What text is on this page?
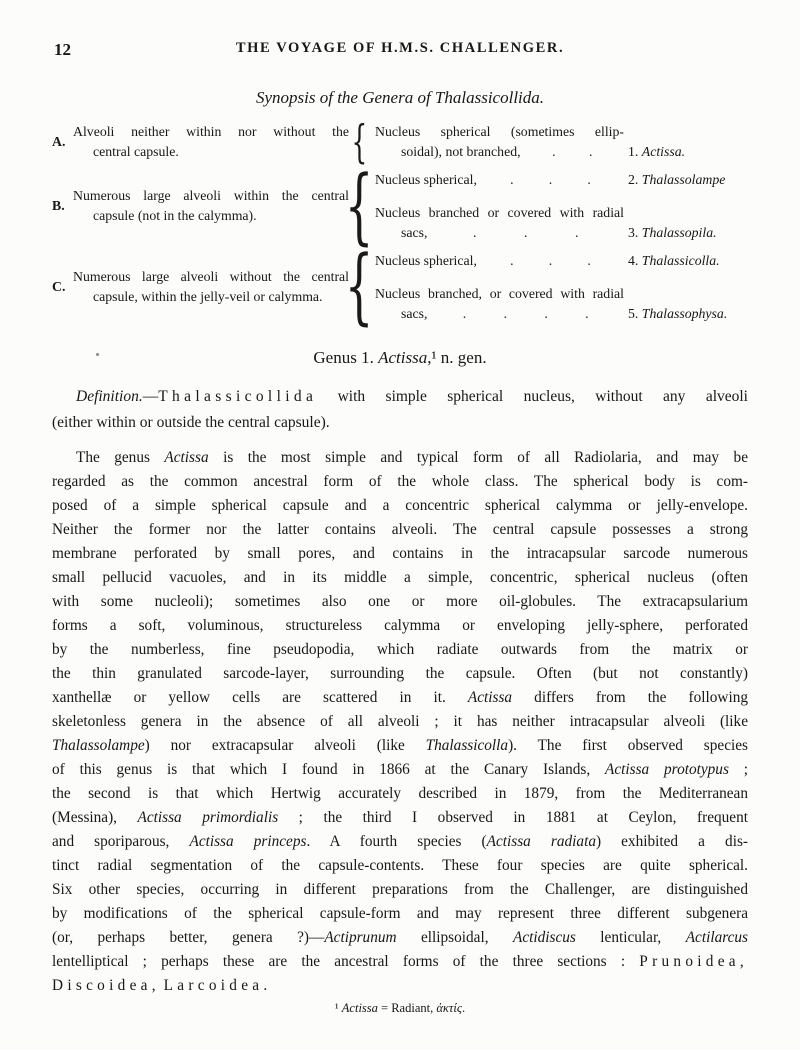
12	THE VOYAGE OF H.M.S. CHALLENGER.
Synopsis of the Genera of Thalassicollida.
A.
Alveoli neither within nor without the
central capsule.	{ Nucleus spherical (sometimes ellip-
soidal), not branched, . .	1. Actissa.
B.
Numerous large alveoli within the central
capsule (not in the calymma).	{ Nucleus spherical, .	.	.	2. Thalassolampe
Nucleus branched or covered with radial
sacs,	.	.	.	3. Thalassopila.
C.
Numerous large alveoli without the central
capsule, within the jelly-veil or calymma. { Nucleus spherical, .	.	.	4. Thalassicolla.
Nucleus branched, or covered with radial
sacs,	.	.	.	.	5. Thalassophysa.
Genus 1. Actissa,¹ n. gen.
Definition.—Thalassicollida with simple spherical nucleus, without any alveoli
(either within or outside the central capsule).
The genus Actissa is the most simple and typical form of all Radiolaria, and may be
regarded as the common ancestral form of the whole class. The spherical body is com-
posed of a simple spherical capsule and a concentric spherical calymma or jelly-envelope.
Neither the former nor the latter contains alveoli. The central capsule possesses a strong
membrane perforated by small pores, and contains in the intracapsular sarcode numerous
small pellucid vacuoles, and in its middle a simple, concentric, spherical nucleus (often
with some nucleoli); sometimes also one or more oil-globules. The extracapsularium
forms a soft, voluminous, structureless calymma or enveloping jelly-sphere, perforated
by the numberless, fine pseudopodia, which radiate outwards from the matrix or
the thin granulated sarcode-layer, surrounding the capsule. Often (but not constantly)
xanthellæ or yellow cells are scattered in it. Actissa differs from the following
skeletonless genera in the absence of all alveoli ; it has neither intracapsular alveoli (like
Thalassolampe) nor extracapsular alveoli (like Thalassicolla). The first observed species
of this genus is that which I found in 1866 at the Canary Islands, Actissa prototypus ;
the second is that which Hertwig accurately described in 1879, from the Mediterranean
(Messina), Actissa primordialis ; the third I observed in 1881 at Ceylon, frequent
and sporiparous, Actissa princeps. A fourth species (Actissa radiata) exhibited a dis-
tinct radial segmentation of the capsule-contents. These four species are quite spherical.
Six other species, occurring in different preparations from the Challenger, are distinguished
by modifications of the spherical capsule-form and may represent three different subgenera
(or, perhaps better, genera ?)—Actiprunum ellipsoidal, Actidiscus lenticular, Actilarcus
lentelliptical ; perhaps these are the ancestral forms of the three sections : Prunoidea,
Discoidea, Larcoidea.
¹ Actissa = Radiant, ἀκτίς.
